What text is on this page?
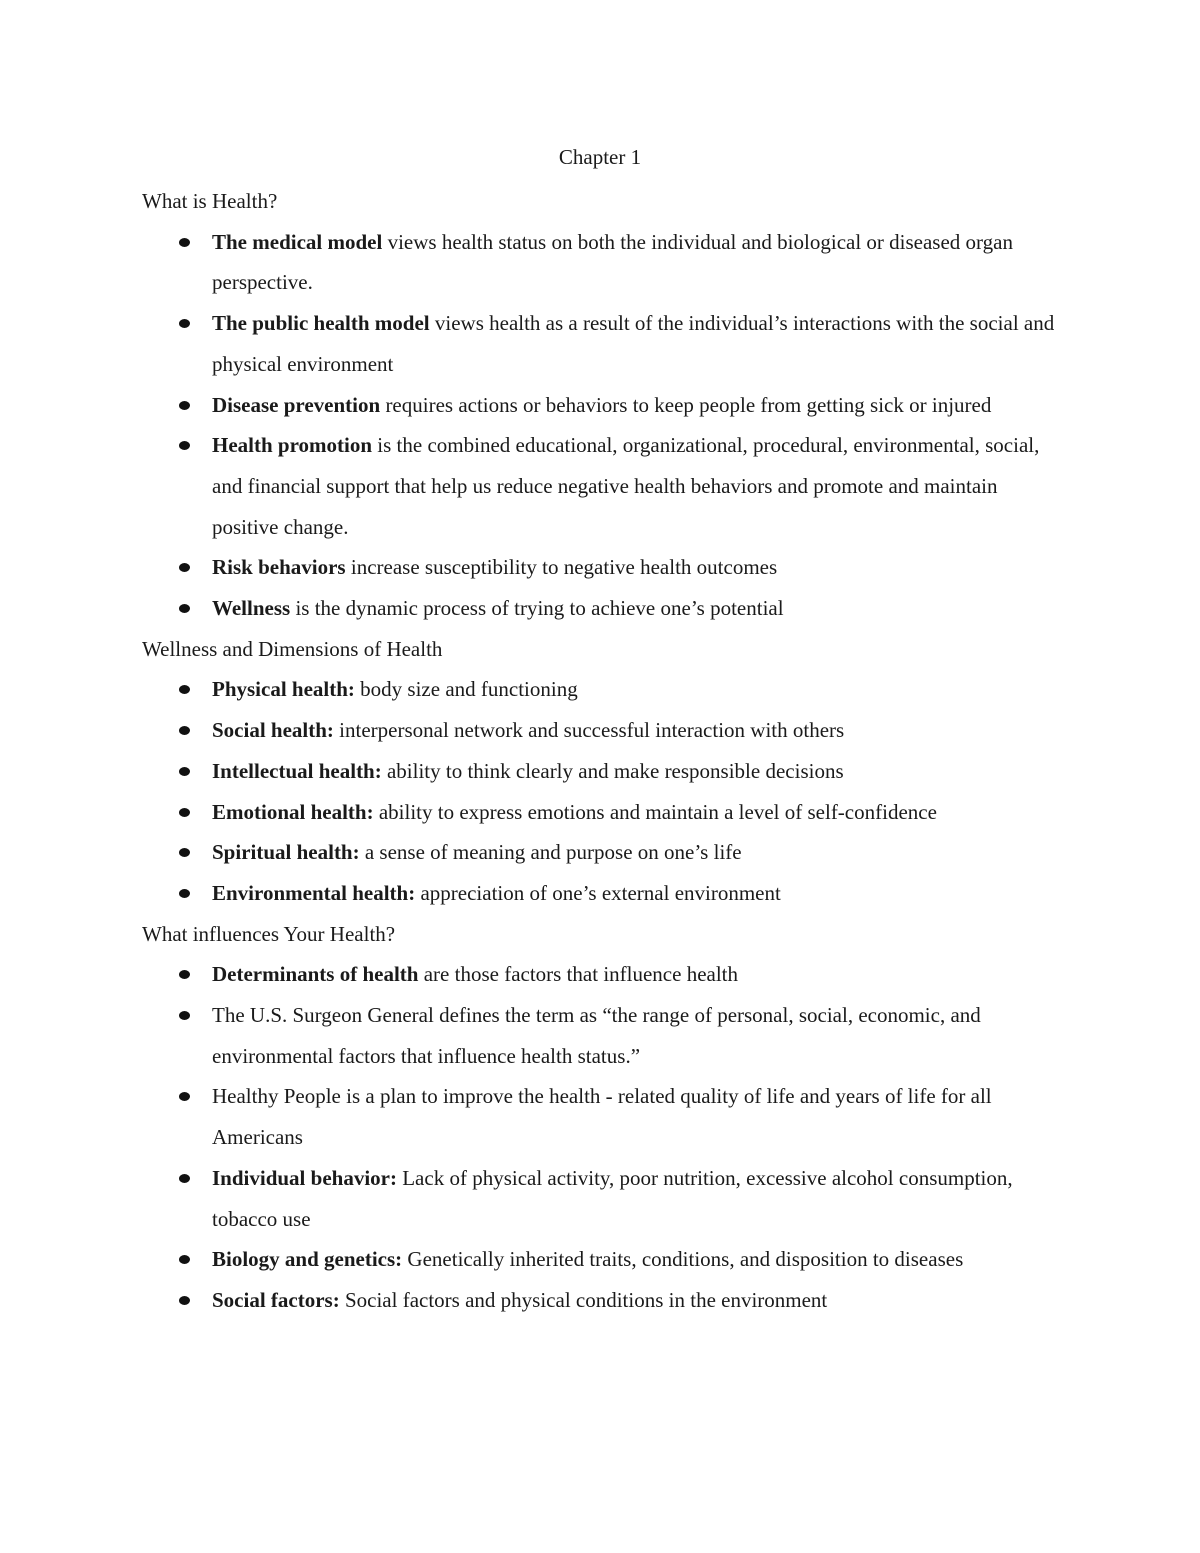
Chapter 1

What is Health?

The medical model views health status on both the individual and biological or diseased organ perspective.
The public health model views health as a result of the individual’s interactions with the social and physical environment
Disease prevention requires actions or behaviors to keep people from getting sick or injured
Health promotion is the combined educational, organizational, procedural, environmental, social, and financial support that help us reduce negative health behaviors and promote and maintain positive change.
Risk behaviors increase susceptibility to negative health outcomes
Wellness is the dynamic process of trying to achieve one’s potential

Wellness and Dimensions of Health

Physical health: body size and functioning
Social health: interpersonal network and successful interaction with others
Intellectual health: ability to think clearly and make responsible decisions
Emotional health: ability to express emotions and maintain a level of self-confidence
Spiritual health: a sense of meaning and purpose on one’s life
Environmental health: appreciation of one’s external environment

What influences Your Health?

Determinants of health are those factors that influence health
The U.S. Surgeon General defines the term as “the range of personal, social, economic, and environmental factors that influence health status.”
Healthy People is a plan to improve the health - related quality of life and years of life for all Americans
Individual behavior: Lack of physical activity, poor nutrition, excessive alcohol consumption, tobacco use
Biology and genetics: Genetically inherited traits, conditions, and disposition to diseases
Social factors: Social factors and physical conditions in the environment
